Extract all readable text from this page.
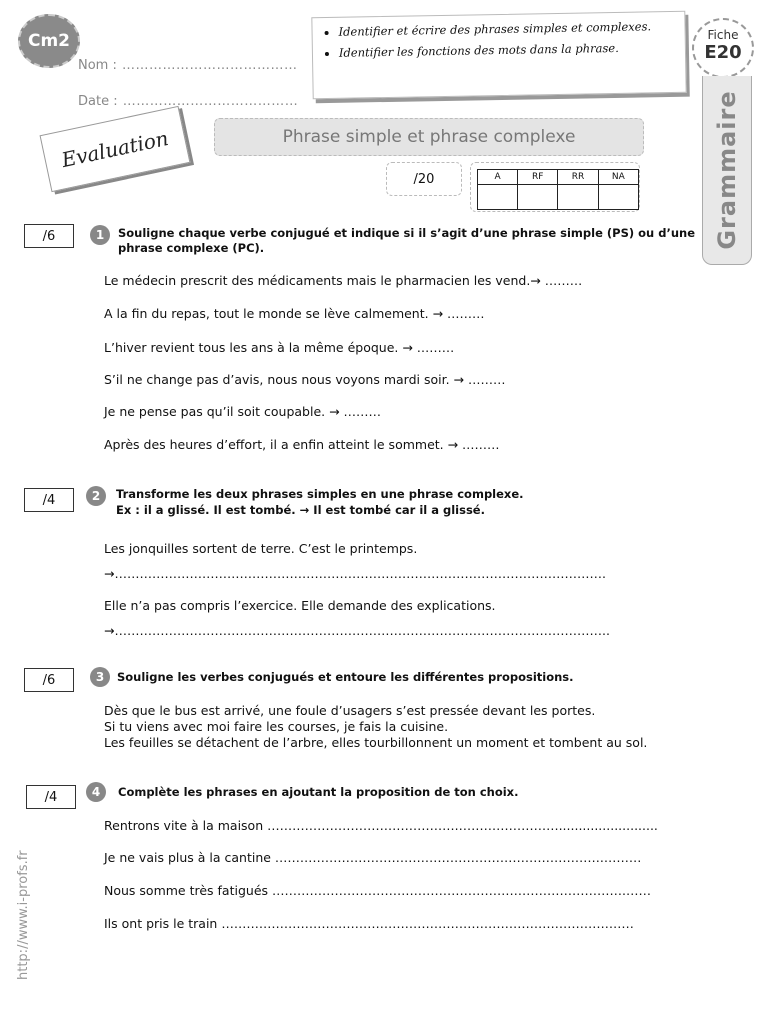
Cm2
Nom : …………………………………
Date : …………………………………
• Identifier et écrire des phrases simples et complexes.
• Identifier les fonctions des mots dans la phrase.
Fiche
E20
Grammaire
Evaluation	Phrase simple et phrase complexe
/20	A	RF	RR	NA

/6	1	Souligne chaque verbe conjugué et indique si il s’agit d’une phrase simple (PS) ou d’une phrase complexe (PC).
Le médecin prescrit des médicaments mais le pharmacien les vend.→ ………
A la fin du repas, tout le monde se lève calmement. → ………
L’hiver revient tous les ans à la même époque. → ………
S’il ne change pas d’avis, nous nous voyons mardi soir. → ………
Je ne pense pas qu’il soit coupable. → ………
Après des heures d’effort, il a enfin atteint le sommet. → ………
/4	2	Transforme les deux phrases simples en une phrase complexe.
Ex : il a glissé. Il est tombé. → Il est tombé car il a glissé.
Les jonquilles sortent de terre. C’est le printemps.
→……………………………………………………………………………………………………….
Elle n’a pas compris l’exercice. Elle demande des explications.
→………………………………………………………………………………………………………..
/6	3	Souligne les verbes conjugués et entoure les différentes propositions.
Dès que le bus est arrivé, une foule d’usagers s’est pressée devant les portes.
Si tu viens avec moi faire les courses, je fais la cuisine.
Les feuilles se détachent de l’arbre, elles tourbillonnent un moment et tombent au sol.
/4	4	Complète les phrases en ajoutant la proposition de ton choix.
Rentrons vite à la maison ……………………………………….…………………….........................
Je ne vais plus à la cantine …………………………………………………………………….………
Nous somme très fatigués ………………………………………………………………………….……
Ils ont pris le train ………………………………………………………………………………………
http://www.i-profs.fr
